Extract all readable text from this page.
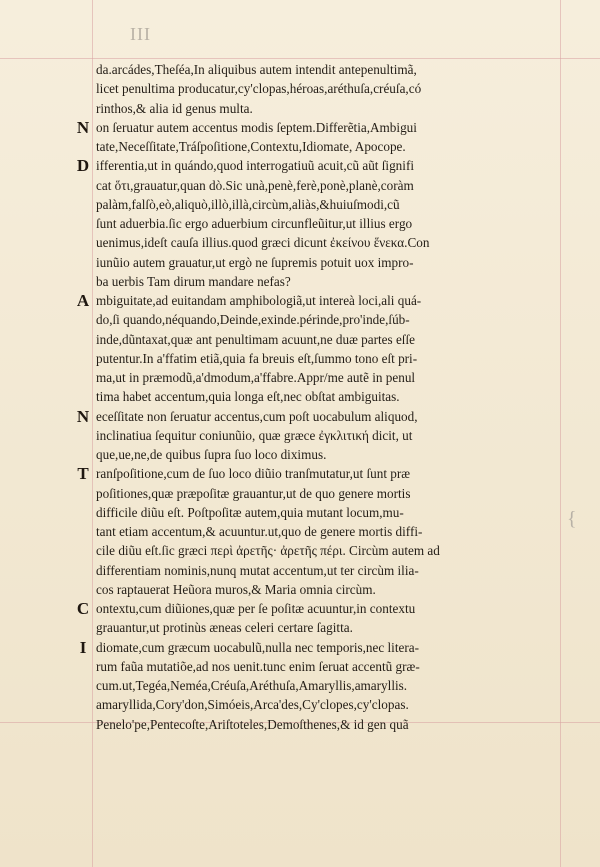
III
{
da.arcádes,Theſéa,In aliquibus autem intendit antepenultimã,
licet penultima producatur,cy'clopas,héroas,aréthuſa,créuſa,có
rinthos,& alia id genus multa.
N on ſeruatur autem accentus modis ſeptem.Differẽtia,Ambigui
tate,Neceſſitate,Tráſpoſitione,Contextu,Idiomate, Apocope.
D ifferentia,ut in quándo,quod interrogatiuũ acuit,cũ aũt ſignifi
cat ὅτι,grauatur,quan dò.Sic unà,penè,ferè,ponè,planè,coràm
palàm,falſò,eò,aliquò,illò,illà,circùm,aliàs,&huiuſmodi,cũ
ſunt aduerbia.ſic ergo aduerbium circunfleũitur,ut illius ergo
uenimus,ideſt cauſa illius.quod græci dicunt ἐκείνου ἕνεκα.Con
iunũio autem grauatur,ut ergò ne ſupremis potuit uox impro-
ba uerbis Tam dirum mandare nefas?
A mbiguitate,ad euitandam amphibologiã,ut intereà loci,ali quá-
do,ſi quando,néquando,Deinde,exinde.périnde,pro'inde,ſúb-
inde,dũntaxat,quæ ant penultimam acuunt,ne duæ partes eſſe
putentur.In a'ffatim etiã,quia fa breuis eſt,ſummo tono eſt pri-
ma,ut in præmodũ,a'dmodum,a'ffabre.Appr/me autẽ in penul
tima habet accentum,quia longa eſt,nec obſtat ambiguitas.
N eceſſitate non ſeruatur accentus,cum poſt uocabulum aliquod,
inclinatiua ſequitur coniunũio, quæ græce ἐγκλιτική dicit, ut
que,ue,ne,de quibus ſupra ſuo loco diximus.
T ranſpoſitione,cum de ſuo loco diũio tranſmutatur,ut ſunt præ
poſitiones,quæ præpoſitæ grauantur,ut de quo genere mortis
difficile diũu eſt. Poſtpoſitæ autem,quia mutant locum,mu-
tant etiam accentum,& acuuntur.ut,quo de genere mortis diffi-
cile diũu eſt.ſic græci περὶ ἀρετῆς· ἀρετῆς πέρι. Circùm autem ad
differentiam nominis,nunq mutat accentum,ut ter circùm ilia-
cos raptauerat Heũora muros,& Maria omnia circùm.
C ontextu,cum diũiones,quæ per ſe poſitæ acuuntur,in contextu
grauantur,ut protinùs æneas celeri certare ſagitta.
I diomate,cum græcum uocabulũ,nulla nec temporis,nec litera-
rum faũa mutatiõe,ad nos uenit.tunc enim ſeruat accentũ græ-
cum.ut,Tegéa,Neméa,Créuſa,Aréthuſa,Amaryllis,amaryllis.
amaryllida,Cory'don,Simóeis,Arca'des,Cy'clopes,cy'clopas.
Penelo'pe,Pentecoſte,Ariſtoteles,Demoſthenes,& id gen quã
